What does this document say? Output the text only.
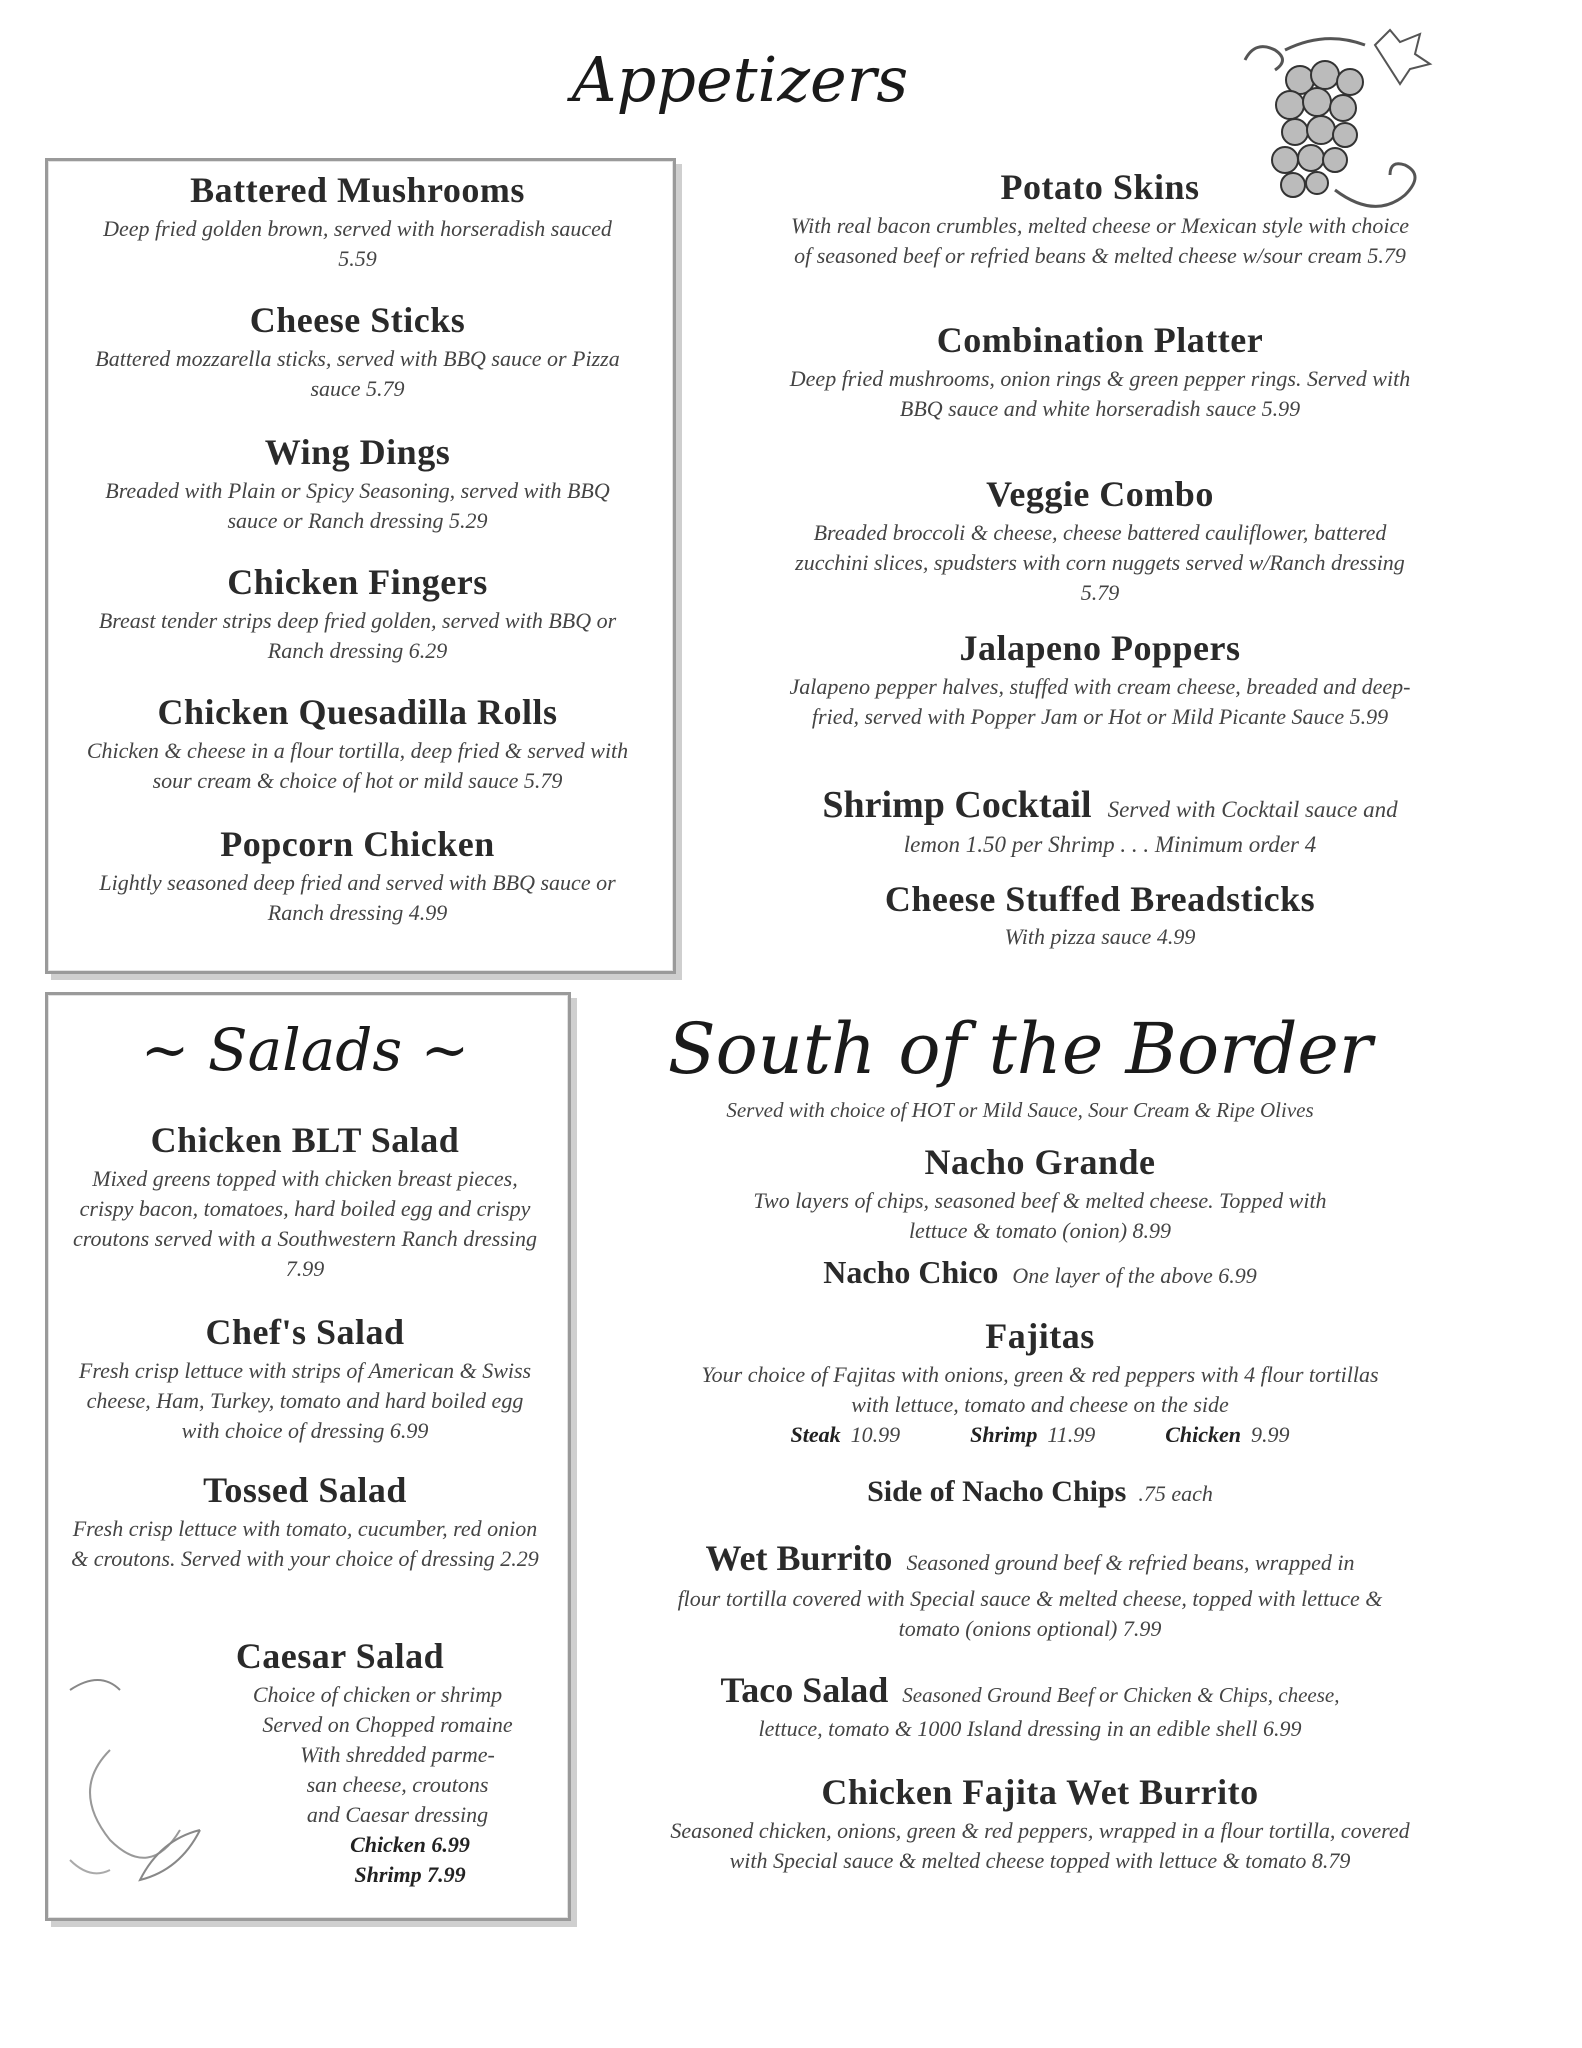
Appetizers
Battered Mushrooms
Deep fried golden brown, served with horseradish sauced 5.59
Cheese Sticks
Battered mozzarella sticks, served with BBQ sauce or Pizza sauce 5.79
Wing Dings
Breaded with Plain or Spicy Seasoning, served with BBQ sauce or Ranch dressing 5.29
Chicken Fingers
Breast tender strips deep fried golden, served with BBQ or Ranch dressing 6.29
Chicken Quesadilla Rolls
Chicken & cheese in a flour tortilla, deep fried & served with sour cream & choice of hot or mild sauce 5.79
Popcorn Chicken
Lightly seasoned deep fried and served with BBQ sauce or Ranch dressing 4.99
~ Salads ~
Chicken BLT Salad
Mixed greens topped with chicken breast pieces, crispy bacon, tomatoes, hard boiled egg and crispy croutons served with a Southwestern Ranch dressing 7.99
Chef's Salad
Fresh crisp lettuce with strips of American & Swiss cheese, Ham, Turkey, tomato and hard boiled egg with choice of dressing 6.99
Tossed Salad
Fresh crisp lettuce with tomato, cucumber, red onion & croutons. Served with your choice of dressing 2.29
Caesar Salad
Choice of chicken or shrimp
Served on Chopped romaine
With shredded parme-
san cheese, croutons
and Caesar dressing
Chicken 6.99
Shrimp 7.99
South of the Border
Served with choice of HOT or Mild Sauce, Sour Cream & Ripe Olives
Potato Skins
With real bacon crumbles, melted cheese or Mexican style with choice of seasoned beef or refried beans & melted cheese w/sour cream 5.79
Combination Platter
Deep fried mushrooms, onion rings & green pepper rings. Served with BBQ sauce and white horseradish sauce 5.99
Veggie Combo
Breaded broccoli & cheese, cheese battered cauliflower, battered zucchini slices, spudsters with corn nuggets served w/Ranch dressing 5.79
Jalapeno Poppers
Jalapeno pepper halves, stuffed with cream cheese, breaded and deep-fried, served with Popper Jam or Hot or Mild Picante Sauce 5.99
Shrimp Cocktail Served with Cocktail sauce and
lemon 1.50 per Shrimp . . . Minimum order 4
Cheese Stuffed Breadsticks
With pizza sauce 4.99
Nacho Grande
Two layers of chips, seasoned beef & melted cheese. Topped with lettuce & tomato (onion) 8.99
Nacho Chico One layer of the above 6.99
Fajitas
Your choice of Fajitas with onions, green & red peppers with 4 flour tortillas with lettuce, tomato and cheese on the side
Steak 10.99	Shrimp 11.99	Chicken 9.99
Side of Nacho Chips .75 each
Wet Burrito Seasoned ground beef & refried beans, wrapped in
flour tortilla covered with Special sauce & melted cheese, topped with lettuce & tomato (onions optional) 7.99
Taco Salad Seasoned Ground Beef or Chicken & Chips, cheese,
lettuce, tomato & 1000 Island dressing in an edible shell 6.99
Chicken Fajita Wet Burrito
Seasoned chicken, onions, green & red peppers, wrapped in a flour tortilla, covered with Special sauce & melted cheese topped with lettuce & tomato 8.79
